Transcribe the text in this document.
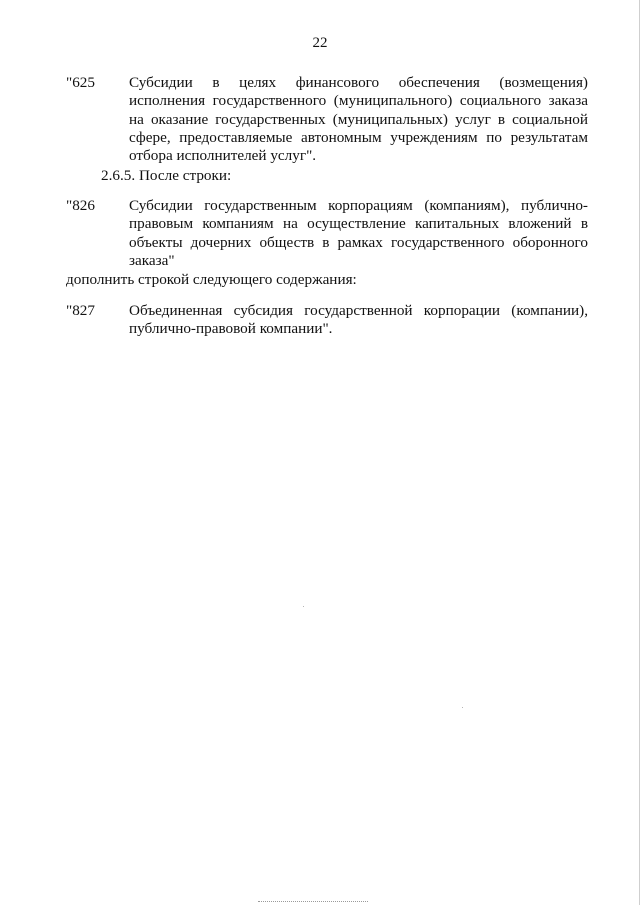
22
"625 Субсидии в целях финансового обеспечения (возмещения) исполнения государственного (муниципального) социального заказа на оказание государственных (муниципальных) услуг в социальной сфере, предоставляемые автономным учреждениям по результатам отбора исполнителей услуг".
2.6.5. После строки:
"826 Субсидии государственным корпорациям (компаниям), публично-правовым компаниям на осуществление капитальных вложений в объекты дочерних обществ в рамках государственного оборонного заказа"
дополнить строкой следующего содержания:
"827 Объединенная субсидия государственной корпорации (компании), публично-правовой компании".
